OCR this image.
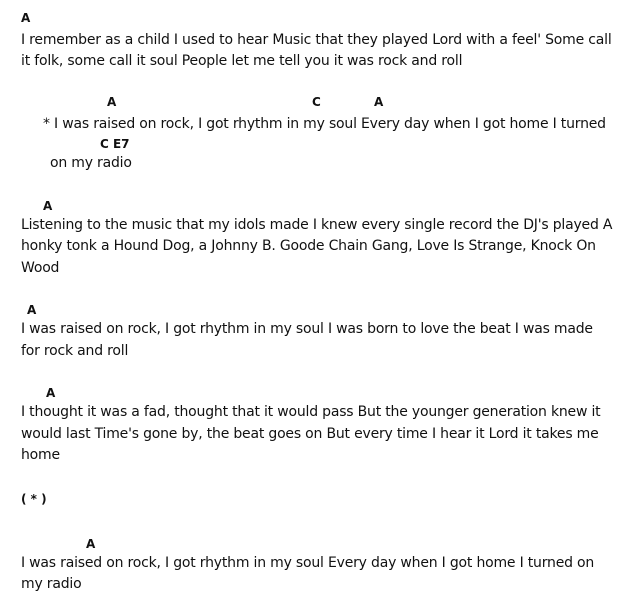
A
I remember as a child I used to hear Music that they played Lord with a feel' Some call
it folk, some call it soul People let me tell you it was rock and roll
A	C	A
* I was raised on rock, I got rhythm in my soul Every day when I got home I turned
C E7
on my radio
A
Listening to the music that my idols made I knew every single record the DJ's played A
honky tonk a Hound Dog, a Johnny B. Goode Chain Gang, Love Is Strange, Knock On
Wood
A
I was raised on rock, I got rhythm in my soul I was born to love the beat I was made
for rock and roll
A
I thought it was a fad, thought that it would pass But the younger generation knew it
would last Time's gone by, the beat goes on But every time I hear it Lord it takes me
home
( * )
A
I was raised on rock, I got rhythm in my soul Every day when I got home I turned on
my radio
